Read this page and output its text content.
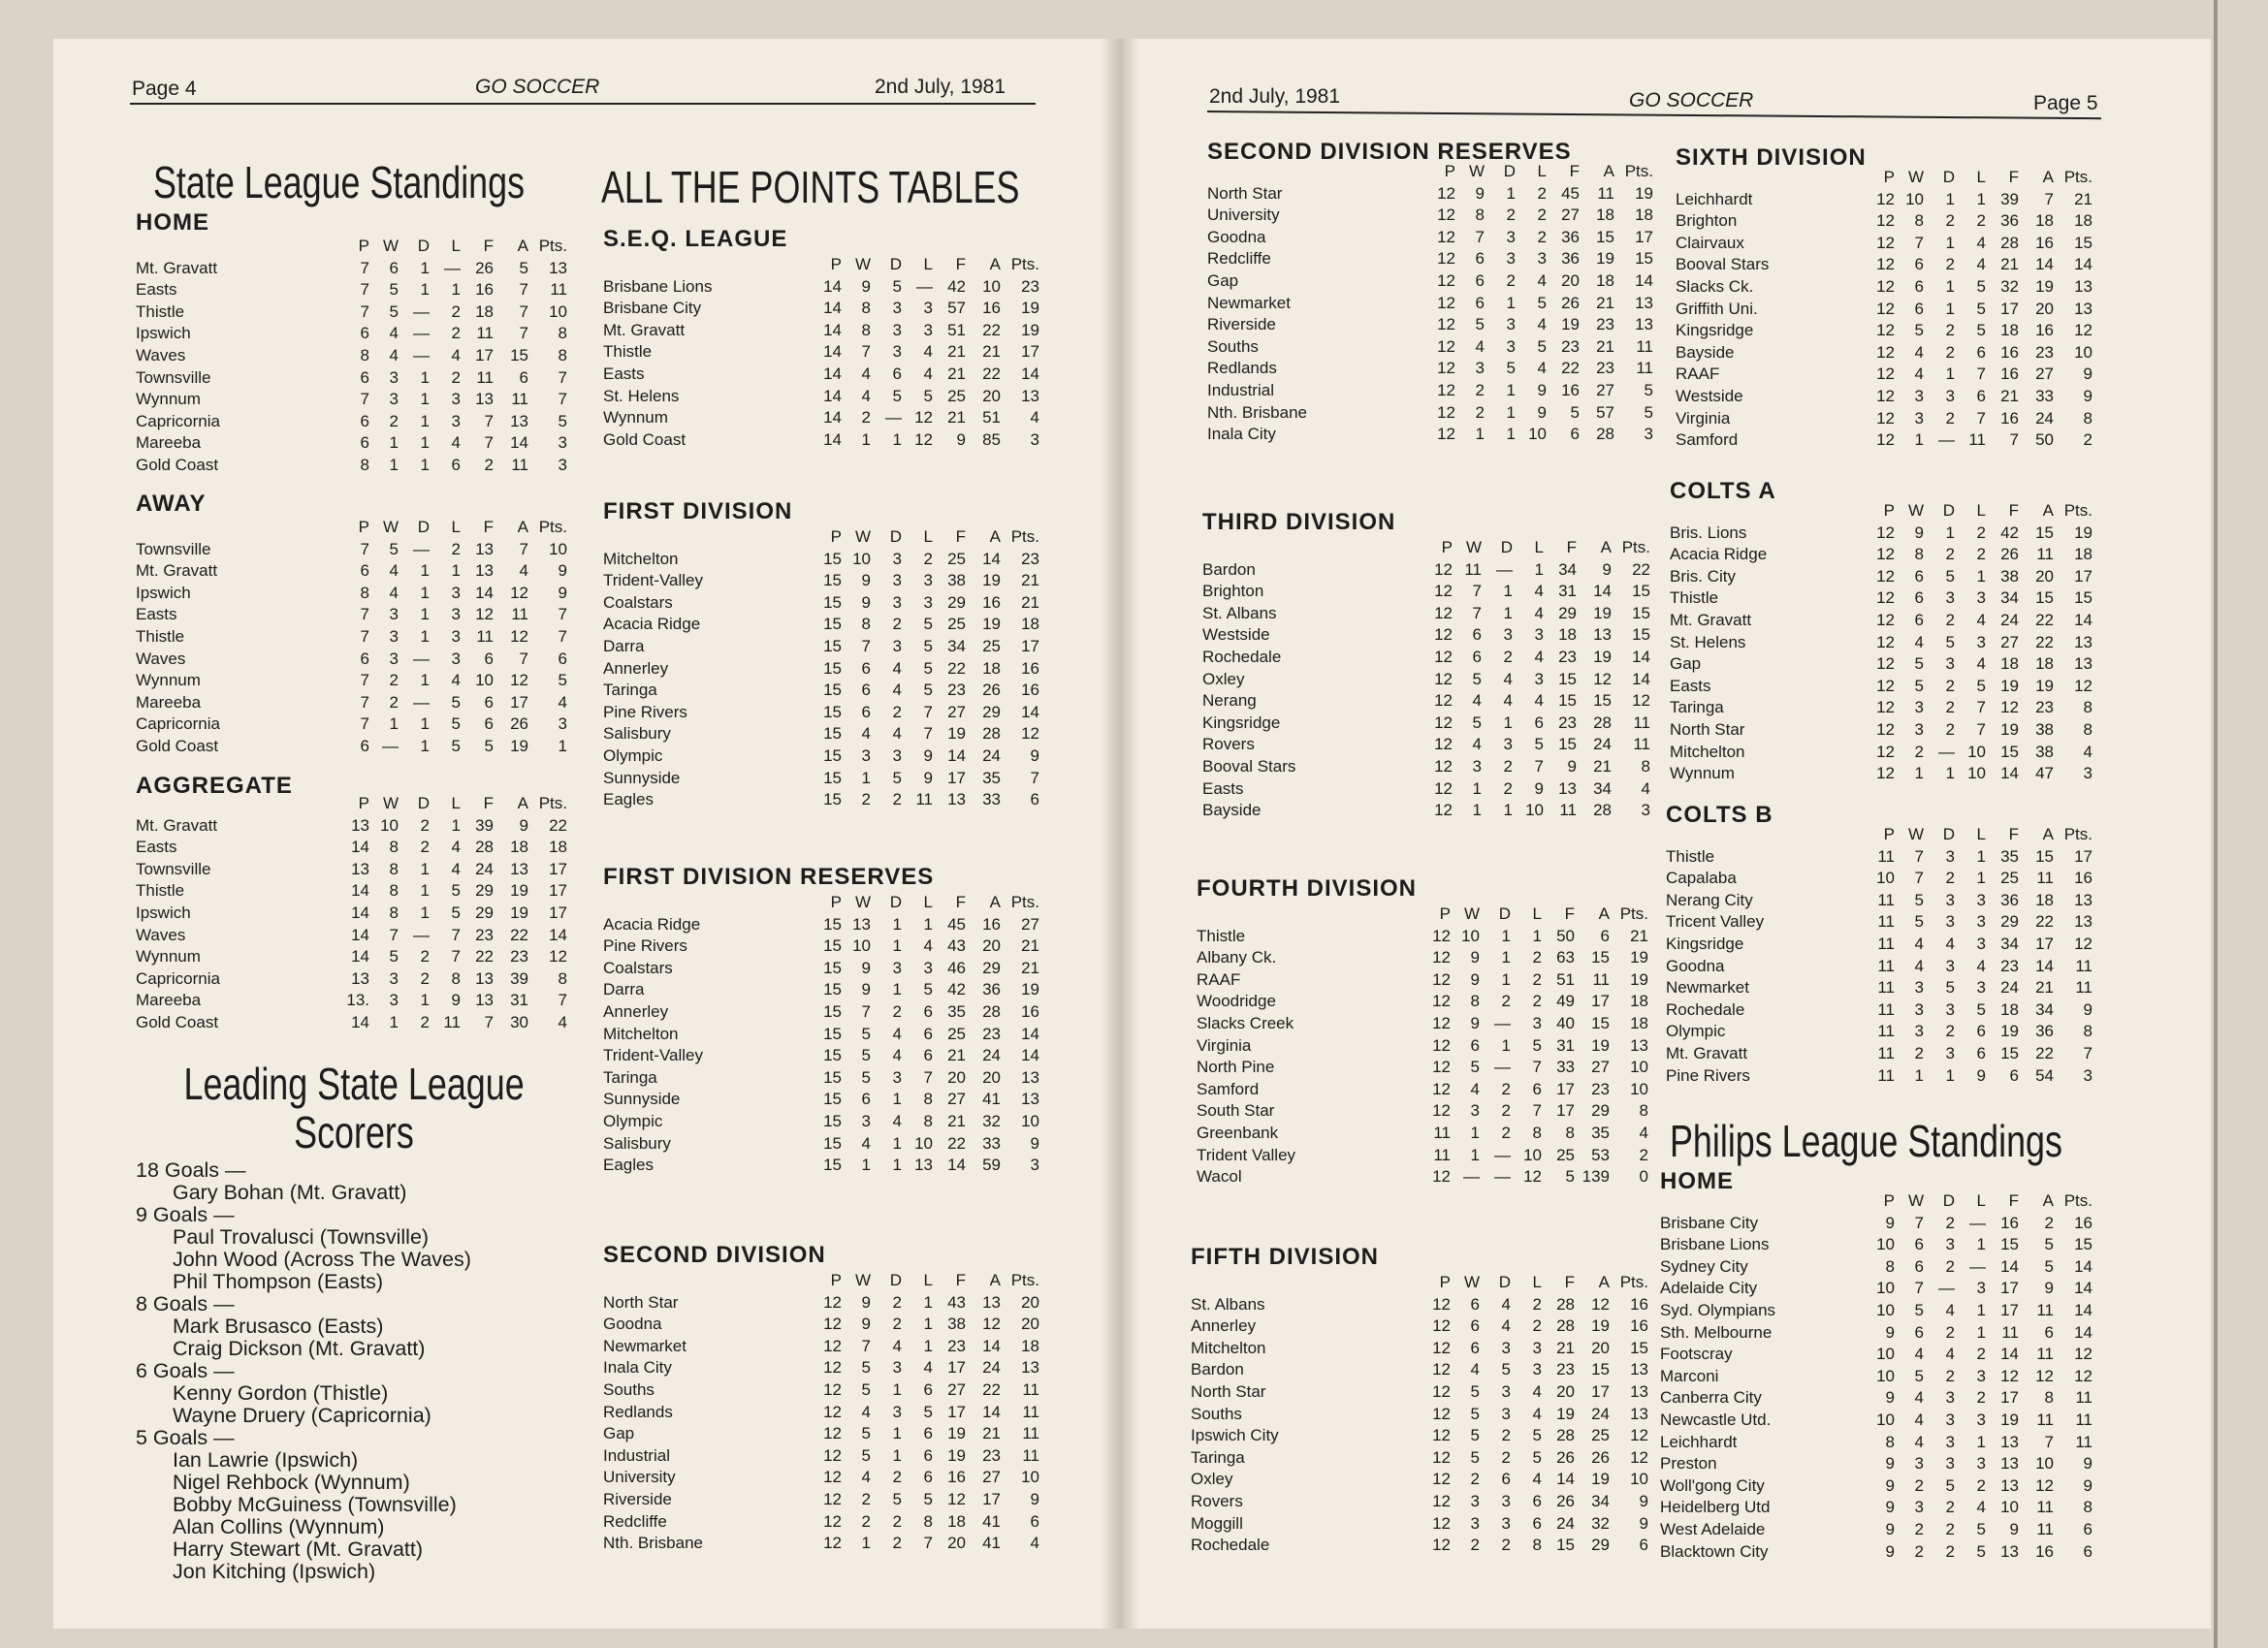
Page 4	GO SOCCER	2nd July, 1981	2nd July, 1981	GO SOCCER	Page 5
State League Standings
HOME
	P	W	D	L	F	A	Pts.
Mt. Gravatt	7	6	1	—	26	5	13
Easts	7	5	1	1	16	7	11
Thistle	7	5	—	2	18	7	10
Ipswich	6	4	—	2	11	7	8
Waves	8	4	—	4	17	15	8
Townsville	6	3	1	2	11	6	7
Wynnum	7	3	1	3	13	11	7
Capricornia	6	2	1	3	7	13	5
Mareeba	6	1	1	4	7	14	3
Gold Coast	8	1	1	6	2	11	3
AWAY
	P	W	D	L	F	A	Pts.
Townsville	7	5	—	2	13	7	10
Mt. Gravatt	6	4	1	1	13	4	9
Ipswich	8	4	1	3	14	12	9
Easts	7	3	1	3	12	11	7
Thistle	7	3	1	3	11	12	7
Waves	6	3	—	3	6	7	6
Wynnum	7	2	1	4	10	12	5
Mareeba	7	2	—	5	6	17	4
Capricornia	7	1	1	5	6	26	3
Gold Coast	6	—	1	5	5	19	1
AGGREGATE
	P	W	D	L	F	A	Pts.
Mt. Gravatt	13	10	2	1	39	9	22
Easts	14	8	2	4	28	18	18
Townsville	13	8	1	4	24	13	17
Thistle	14	8	1	5	29	19	17
Ipswich	14	8	1	5	29	19	17
Waves	14	7	—	7	23	22	14
Wynnum	14	5	2	7	22	23	12
Capricornia	13	3	2	8	13	39	8
Mareeba	13.	3	1	9	13	31	7
Gold Coast	14	1	2	11	7	30	4
Leading State League
Scorers
18 Goals —
Gary Bohan (Mt. Gravatt)
9 Goals —
Paul Trovalusci (Townsville)
John Wood (Across The Waves)
Phil Thompson (Easts)
8 Goals —
Mark Brusasco (Easts)
Craig Dickson (Mt. Gravatt)
6 Goals —
Kenny Gordon (Thistle)
Wayne Druery (Capricornia)
5 Goals —
Ian Lawrie (Ipswich)
Nigel Rehbock (Wynnum)
Bobby McGuiness (Townsville)
Alan Collins (Wynnum)
Harry Stewart (Mt. Gravatt)
Jon Kitching (Ipswich)
ALL THE POINTS TABLES
S.E.Q. LEAGUE
	P	W	D	L	F	A	Pts.
Brisbane Lions	14	9	5	—	42	10	23
Brisbane City	14	8	3	3	57	16	19
Mt. Gravatt	14	8	3	3	51	22	19
Thistle	14	7	3	4	21	21	17
Easts	14	4	6	4	21	22	14
St. Helens	14	4	5	5	25	20	13
Wynnum	14	2	—	12	21	51	4
Gold Coast	14	1	1	12	9	85	3
FIRST DIVISION
	P	W	D	L	F	A	Pts.
Mitchelton	15	10	3	2	25	14	23
Trident-Valley	15	9	3	3	38	19	21
Coalstars	15	9	3	3	29	16	21
Acacia Ridge	15	8	2	5	25	19	18
Darra	15	7	3	5	34	25	17
Annerley	15	6	4	5	22	18	16
Taringa	15	6	4	5	23	26	16
Pine Rivers	15	6	2	7	27	29	14
Salisbury	15	4	4	7	19	28	12
Olympic	15	3	3	9	14	24	9
Sunnyside	15	1	5	9	17	35	7
Eagles	15	2	2	11	13	33	6
FIRST DIVISION RESERVES
	P	W	D	L	F	A	Pts.
Acacia Ridge	15	13	1	1	45	16	27
Pine Rivers	15	10	1	4	43	20	21
Coalstars	15	9	3	3	46	29	21
Darra	15	9	1	5	42	36	19
Annerley	15	7	2	6	35	28	16
Mitchelton	15	5	4	6	25	23	14
Trident-Valley	15	5	4	6	21	24	14
Taringa	15	5	3	7	20	20	13
Sunnyside	15	6	1	8	27	41	13
Olympic	15	3	4	8	21	32	10
Salisbury	15	4	1	10	22	33	9
Eagles	15	1	1	13	14	59	3
SECOND DIVISION
	P	W	D	L	F	A	Pts.
North Star	12	9	2	1	43	13	20
Goodna	12	9	2	1	38	12	20
Newmarket	12	7	4	1	23	14	18
Inala City	12	5	3	4	17	24	13
Souths	12	5	1	6	27	22	11
Redlands	12	4	3	5	17	14	11
Gap	12	5	1	6	19	21	11
Industrial	12	5	1	6	19	23	11
University	12	4	2	6	16	27	10
Riverside	12	2	5	5	12	17	9
Redcliffe	12	2	2	8	18	41	6
Nth. Brisbane	12	1	2	7	20	41	4
SECOND DIVISION RESERVES
	P	W	D	L	F	A	Pts.
North Star	12	9	1	2	45	11	19
University	12	8	2	2	27	18	18
Goodna	12	7	3	2	36	15	17
Redcliffe	12	6	3	3	36	19	15
Gap	12	6	2	4	20	18	14
Newmarket	12	6	1	5	26	21	13
Riverside	12	5	3	4	19	23	13
Souths	12	4	3	5	23	21	11
Redlands	12	3	5	4	22	23	11
Industrial	12	2	1	9	16	27	5
Nth. Brisbane	12	2	1	9	5	57	5
Inala City	12	1	1	10	6	28	3
THIRD DIVISION
	P	W	D	L	F	A	Pts.
Bardon	12	11	—	1	34	9	22
Brighton	12	7	1	4	31	14	15
St. Albans	12	7	1	4	29	19	15
Westside	12	6	3	3	18	13	15
Rochedale	12	6	2	4	23	19	14
Oxley	12	5	4	3	15	12	14
Nerang	12	4	4	4	15	15	12
Kingsridge	12	5	1	6	23	28	11
Rovers	12	4	3	5	15	24	11
Booval Stars	12	3	2	7	9	21	8
Easts	12	1	2	9	13	34	4
Bayside	12	1	1	10	11	28	3
FOURTH DIVISION
	P	W	D	L	F	A	Pts.
Thistle	12	10	1	1	50	6	21
Albany Ck.	12	9	1	2	63	15	19
RAAF	12	9	1	2	51	11	19
Woodridge	12	8	2	2	49	17	18
Slacks Creek	12	9	—	3	40	15	18
Virginia	12	6	1	5	31	19	13
North Pine	12	5	—	7	33	27	10
Samford	12	4	2	6	17	23	10
South Star	12	3	2	7	17	29	8
Greenbank	11	1	2	8	8	35	4
Trident Valley	11	1	—	10	25	53	2
Wacol	12	—	—	12	5	139	0
FIFTH DIVISION
	P	W	D	L	F	A	Pts.
St. Albans	12	6	4	2	28	12	16
Annerley	12	6	4	2	28	19	16
Mitchelton	12	6	3	3	21	20	15
Bardon	12	4	5	3	23	15	13
North Star	12	5	3	4	20	17	13
Souths	12	5	3	4	19	24	13
Ipswich City	12	5	2	5	28	25	12
Taringa	12	5	2	5	26	26	12
Oxley	12	2	6	4	14	19	10
Rovers	12	3	3	6	26	34	9
Moggill	12	3	3	6	24	32	9
Rochedale	12	2	2	8	15	29	6
SIXTH DIVISION
	P	W	D	L	F	A	Pts.
Leichhardt	12	10	1	1	39	7	21
Brighton	12	8	2	2	36	18	18
Clairvaux	12	7	1	4	28	16	15
Booval Stars	12	6	2	4	21	14	14
Slacks Ck.	12	6	1	5	32	19	13
Griffith Uni.	12	6	1	5	17	20	13
Kingsridge	12	5	2	5	18	16	12
Bayside	12	4	2	6	16	23	10
RAAF	12	4	1	7	16	27	9
Westside	12	3	3	6	21	33	9
Virginia	12	3	2	7	16	24	8
Samford	12	1	—	11	7	50	2
COLTS A
	P	W	D	L	F	A	Pts.
Bris. Lions	12	9	1	2	42	15	19
Acacia Ridge	12	8	2	2	26	11	18
Bris. City	12	6	5	1	38	20	17
Thistle	12	6	3	3	34	15	15
Mt. Gravatt	12	6	2	4	24	22	14
St. Helens	12	4	5	3	27	22	13
Gap	12	5	3	4	18	18	13
Easts	12	5	2	5	19	19	12
Taringa	12	3	2	7	12	23	8
North Star	12	3	2	7	19	38	8
Mitchelton	12	2	—	10	15	38	4
Wynnum	12	1	1	10	14	47	3
COLTS B
	P	W	D	L	F	A	Pts.
Thistle	11	7	3	1	35	15	17
Capalaba	10	7	2	1	25	11	16
Nerang City	11	5	3	3	36	18	13
Tricent Valley	11	5	3	3	29	22	13
Kingsridge	11	4	4	3	34	17	12
Goodna	11	4	3	4	23	14	11
Newmarket	11	3	5	3	24	21	11
Rochedale	11	3	3	5	18	34	9
Olympic	11	3	2	6	19	36	8
Mt. Gravatt	11	2	3	6	15	22	7
Pine Rivers	11	1	1	9	6	54	3
Philips League Standings
HOME
	P	W	D	L	F	A	Pts.
Brisbane City	9	7	2	—	16	2	16
Brisbane Lions	10	6	3	1	15	5	15
Sydney City	8	6	2	—	14	5	14
Adelaide City	10	7	—	3	17	9	14
Syd. Olympians	10	5	4	1	17	11	14
Sth. Melbourne	9	6	2	1	11	6	14
Footscray	10	4	4	2	14	11	12
Marconi	10	5	2	3	12	12	12
Canberra City	9	4	3	2	17	8	11
Newcastle Utd.	10	4	3	3	19	11	11
Leichhardt	8	4	3	1	13	7	11
Preston	9	3	3	3	13	10	9
Woll'gong City	9	2	5	2	13	12	9
Heidelberg Utd	9	3	2	4	10	11	8
West Adelaide	9	2	2	5	9	11	6
Blacktown City	9	2	2	5	13	16	6
